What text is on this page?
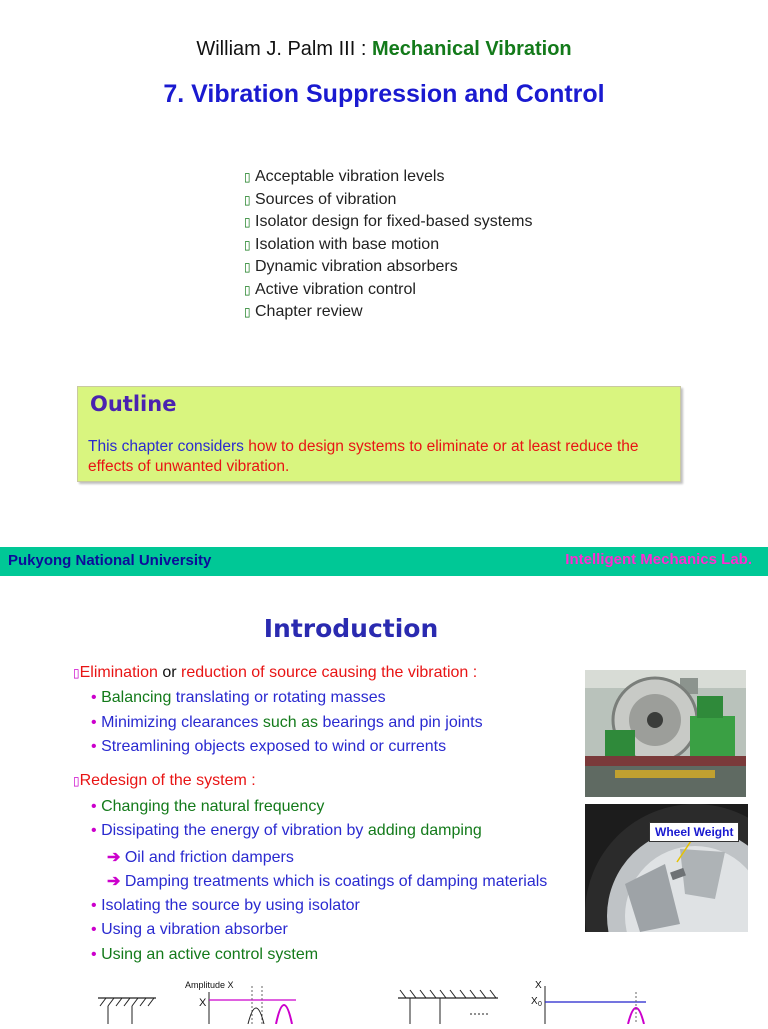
William J. Palm III : Mechanical Vibration
7. Vibration Suppression and Control
▯ Acceptable vibration levels
▯ Sources of vibration
▯ Isolator design for fixed-based systems
▯ Isolation with base motion
▯ Dynamic vibration absorbers
▯ Active vibration control
▯ Chapter review
Outline
This chapter considers how to design systems to eliminate or at least reduce the effects of unwanted vibration.
Pukyong National University	Intelligent Mechanics Lab.
Introduction
▯Elimination or reduction of source causing the vibration :
• Balancing translating or rotating masses
• Minimizing clearances such as bearings and pin joints
• Streamlining objects exposed to wind or currents
▯Redesign of the system :
• Changing the natural frequency
• Dissipating the energy of vibration by adding damping
➔ Oil and friction dampers
➔ Damping treatments which is coatings of damping materials
• Isolating the source by using isolator
• Using a vibration absorber
• Using an active control system
Wheel Weight
Amplitude X
X
X
X 0
